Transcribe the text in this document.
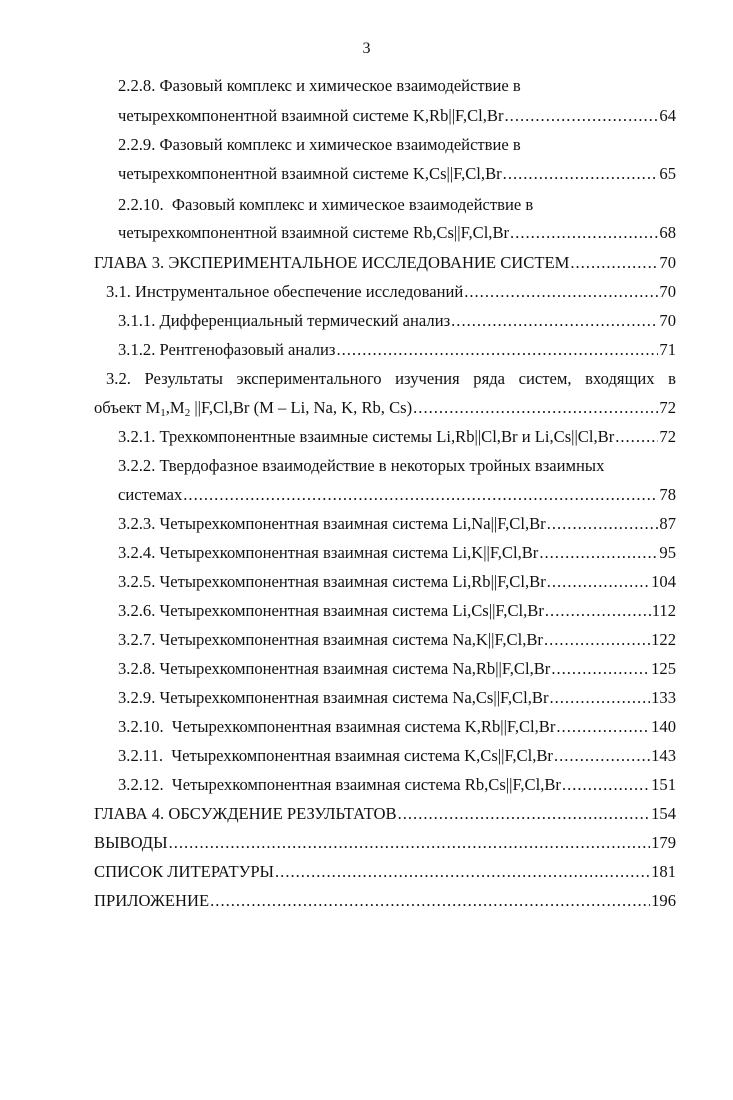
3
2.2.8. Фазовый комплекс и химическое взаимодействие в
четырехкомпонентной взаимной системе K,Rb||F,Cl,Br .....	64
2.2.9. Фазовый комплекс и химическое взаимодействие в
четырехкомпонентной взаимной системе K,Cs||F,Cl,Br .....	65
2.2.10.  Фазовый комплекс и химическое взаимодействие в
четырехкомпонентной взаимной системе Rb,Cs||F,Cl,Br .....	68
ГЛАВА 3. ЭКСПЕРИМЕНТАЛЬНОЕ ИССЛЕДОВАНИЕ СИСТЕМ .....	70
3.1. Инструментальное обеспечение исследований .....	70
3.1.1. Дифференциальный термический анализ .....	70
3.1.2. Рентгенофазовый анализ .....	71
3.2. Результаты экспериментального изучения ряда систем, входящих в
объект $M_1,M_2$ ||F,Cl,Br (M – Li, Na, K, Rb, Cs) .....	72
3.2.1. Трехкомпонентные взаимные системы Li,Rb||Cl,Br и Li,Cs||Cl,Br .....	72
3.2.2. Твердофазное взаимодействие в некоторых тройных взаимных
системах .....	78
3.2.3. Четырехкомпонентная взаимная система Li,Na||F,Cl,Br .....	87
3.2.4. Четырехкомпонентная взаимная система Li,K||F,Cl,Br .....	95
3.2.5. Четырехкомпонентная взаимная система Li,Rb||F,Cl,Br .....	104
3.2.6. Четырехкомпонентная взаимная система Li,Cs||F,Cl,Br .....	112
3.2.7. Четырехкомпонентная взаимная система Na,K||F,Cl,Br .....	122
3.2.8. Четырехкомпонентная взаимная система Na,Rb||F,Cl,Br .....	125
3.2.9. Четырехкомпонентная взаимная система Na,Cs||F,Cl,Br .....	133
3.2.10.  Четырехкомпонентная взаимная система K,Rb||F,Cl,Br .....	140
3.2.11.  Четырехкомпонентная взаимная система K,Cs||F,Cl,Br .....	143
3.2.12.  Четырехкомпонентная взаимная система Rb,Cs||F,Cl,Br .....	151
ГЛАВА 4. ОБСУЖДЕНИЕ РЕЗУЛЬТАТОВ .....	154
ВЫВОДЫ .....	179
СПИСОК ЛИТЕРАТУРЫ .....	181
ПРИЛОЖЕНИЕ .....	196
